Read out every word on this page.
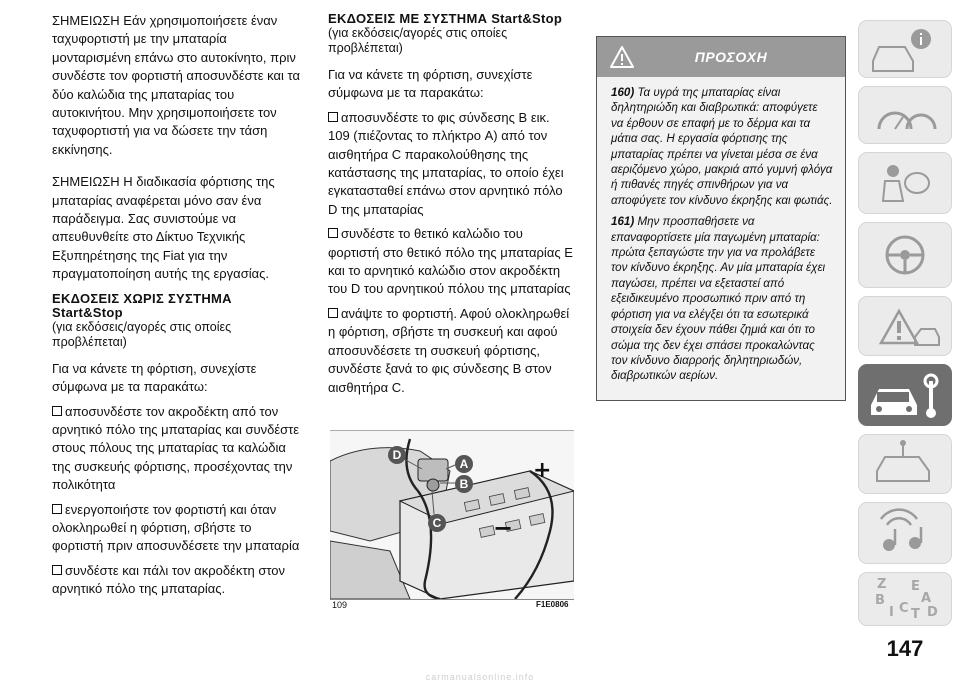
ΣΗΜΕΙΩΣΗ Εάν χρησιμοποιήσετε έναν ταχυφορτιστή με την μπαταρία μονταρισμένη επάνω στο αυτοκίνητο, πριν συνδέστε τον φορτιστή αποσυνδέστε και τα δύο καλώδια της μπαταρίας του αυτοκινήτου. Μην χρησιμοποιήσετε τον ταχυφορτιστή για να δώσετε την τάση εκκίνησης.

ΣΗΜΕΙΩΣΗ Η διαδικασία φόρτισης της μπαταρίας αναφέρεται μόνο σαν ένα παράδειγμα. Σας συνιστούμε να απευθυνθείτε στο Δίκτυο Τεχνικής Εξυπηρέτησης της Fiat για την πραγματοποίηση αυτής της εργασίας.

ΕΚΔΟΣΕΙΣ ΧΩΡΙΣ ΣΥΣΤΗΜΑ Start&Stop
(για εκδόσεις/αγορές στις οποίες προβλέπεται)

Για να κάνετε τη φόρτιση, συνεχίστε σύμφωνα με τα παρακάτω:

αποσυνδέστε τον ακροδέκτη από τον αρνητικό πόλο της μπαταρίας και συνδέστε στους πόλους της μπαταρίας τα καλώδια της συσκευής φόρτισης, προσέχοντας την πολικότητα

ενεργοποιήστε τον φορτιστή και όταν ολοκληρωθεί η φόρτιση, σβήστε το φορτιστή πριν αποσυνδέσετε την μπαταρία

συνδέστε και πάλι τον ακροδέκτη στον αρνητικό πόλο της μπαταρίας.

ΕΚΔΟΣΕΙΣ ΜΕ ΣΥΣΤΗΜΑ Start&Stop
(για εκδόσεις/αγορές στις οποίες προβλέπεται)

Για να κάνετε τη φόρτιση, συνεχίστε σύμφωνα με τα παρακάτω:

αποσυνδέστε το φις σύνδεσης B εικ. 109 (πιέζοντας το πλήκτρο A) από τον αισθητήρα C παρακολούθησης της κατάστασης της μπαταρίας, το οποίο έχει εγκατασταθεί επάνω στον αρνητικό πόλο D της μπαταρίας

συνδέστε το θετικό καλώδιο του φορτιστή στο θετικό πόλο της μπαταρίας E και το αρνητικό καλώδιο στον ακροδέκτη του D του αρνητικού πόλου της μπαταρίας

ανάψτε το φορτιστή. Αφού ολοκληρωθεί η φόρτιση, σβήστε τη συσκευή και αφού αποσυνδέσετε τη συσκευή φόρτισης, συνδέστε ξανά το φις σύνδεσης B στον αισθητήρα C.

+
−
D
A
B
C
109	F1E0806
ΠΡΟΣΟΧΗ

160) Τα υγρά της μπαταρίας είναι δηλητηριώδη και διαβρωτικά: αποφύγετε να έρθουν σε επαφή με το δέρμα και τα μάτια σας. Η εργασία φόρτισης της μπαταρίας πρέπει να γίνεται μέσα σε ένα αεριζόμενο χώρο, μακριά από γυμνή φλόγα ή πιθανές πηγές σπινθήρων για να αποφύγετε τον κίνδυνο έκρηξης και φωτιάς.

161) Μην προσπαθήσετε να επαναφορτίσετε μία παγωμένη μπαταρία: πρώτα ξεπαγώστε την για να προλάβετε τον κίνδυνο έκρηξης. Αν μία μπαταρία έχει παγώσει, πρέπει να εξεταστεί από εξειδικευμένο προσωπικό πριν από τη φόρτιση για να ελέγξει ότι τα εσωτερικά στοιχεία δεν έχουν πάθει ζημιά και ότι το σώμα της δεν έχει σπάσει προκαλώντας τον κίνδυνο διαρροής δηλητηριωδών, διαβρωτικών αερίων.

Z E
A
B
I C T D
147
carmanualsonline.info
